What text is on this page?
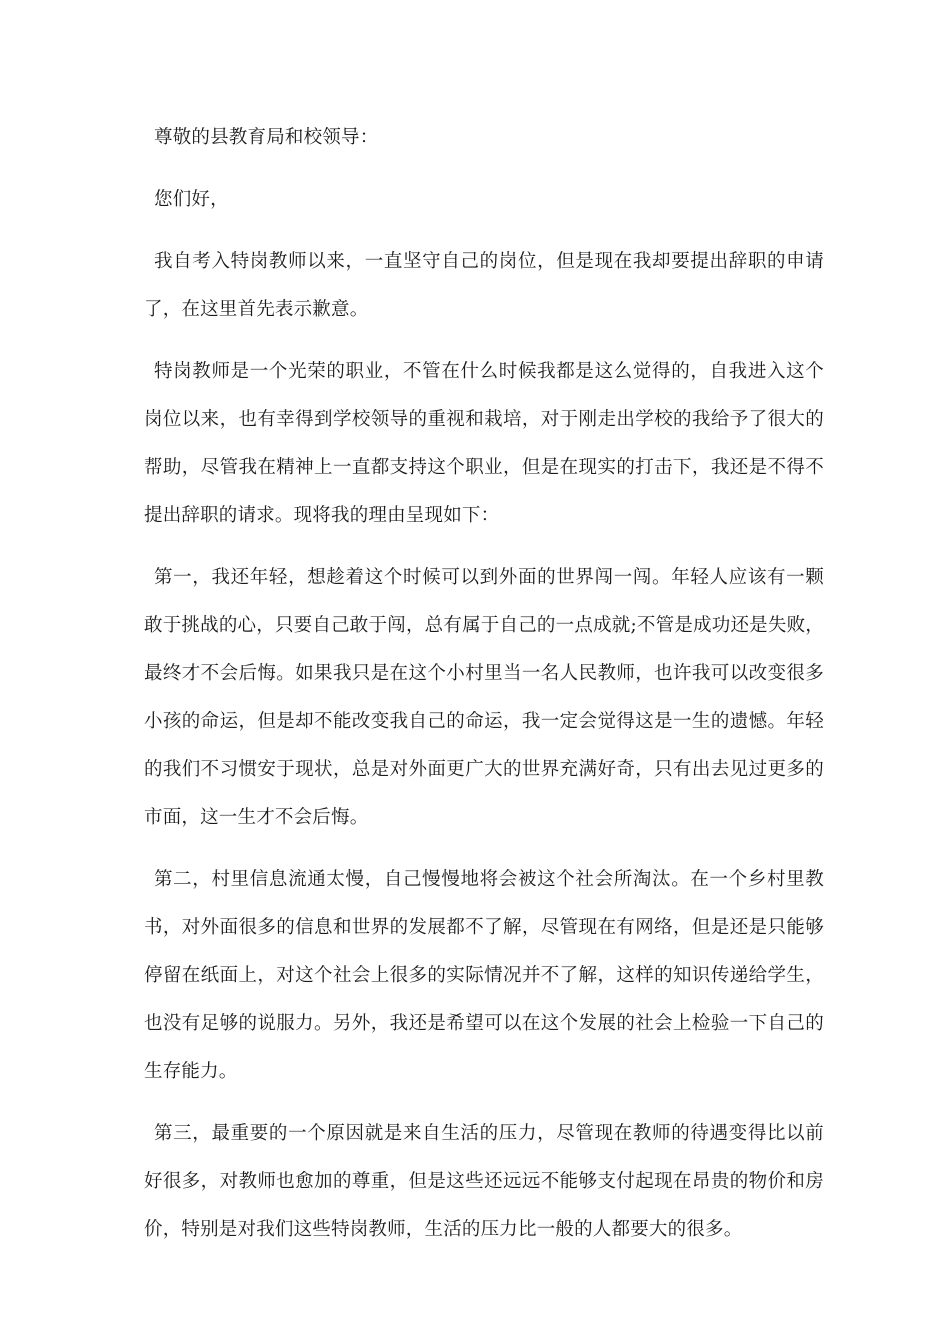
尊敬的县教育局和校领导：

您们好，

我自考入特岗教师以来，一直坚守自己的岗位，但是现在我却要提出辞职的申请了，在这里首先表示歉意。

特岗教师是一个光荣的职业，不管在什么时候我都是这么觉得的，自我进入这个岗位以来，也有幸得到学校领导的重视和栽培，对于刚走出学校的我给予了很大的帮助，尽管我在精神上一直都支持这个职业，但是在现实的打击下，我还是不得不提出辞职的请求。现将我的理由呈现如下：

第一，我还年轻，想趁着这个时候可以到外面的世界闯一闯。年轻人应该有一颗敢于挑战的心，只要自己敢于闯，总有属于自己的一点成就;不管是成功还是失败，最终才不会后悔。如果我只是在这个小村里当一名人民教师，也许我可以改变很多小孩的命运，但是却不能改变我自己的命运，我一定会觉得这是一生的遗憾。年轻的我们不习惯安于现状，总是对外面更广大的世界充满好奇，只有出去见过更多的市面，这一生才不会后悔。

第二，村里信息流通太慢，自己慢慢地将会被这个社会所淘汰。在一个乡村里教书，对外面很多的信息和世界的发展都不了解，尽管现在有网络，但是还是只能够停留在纸面上，对这个社会上很多的实际情况并不了解，这样的知识传递给学生，也没有足够的说服力。另外，我还是希望可以在这个发展的社会上检验一下自己的生存能力。

第三，最重要的一个原因就是来自生活的压力，尽管现在教师的待遇变得比以前好很多，对教师也愈加的尊重，但是这些还远远不能够支付起现在昂贵的物价和房价，特别是对我们这些特岗教师，生活的压力比一般的人都要大的很多。
